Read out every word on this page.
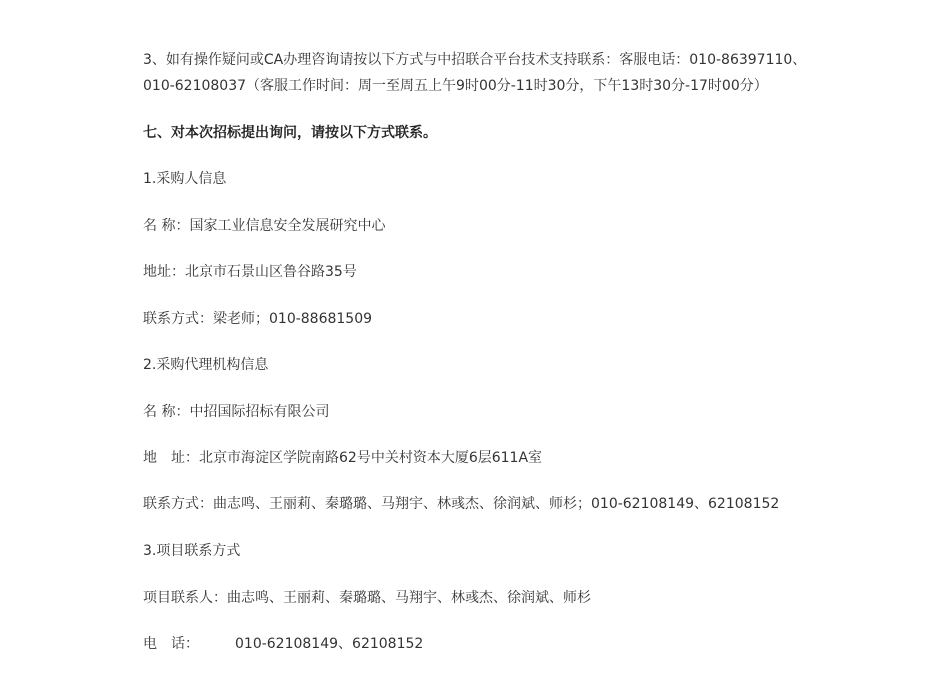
3、如有操作疑问或CA办理咨询请按以下方式与中招联合平台技术支持联系：客服电话：010-86397110、

010-62108037（客服工作时间：周一至周五上午9时00分-11时30分，下午13时30分-17时00分）

七、对本次招标提出询问，请按以下方式联系。

1.采购人信息

名 称：国家工业信息安全发展研究中心

地址：北京市石景山区鲁谷路35号

联系方式：梁老师；010-88681509

2.采购代理机构信息

名 称：中招国际招标有限公司

地　址：北京市海淀区学院南路62号中关村资本大厦6层611A室

联系方式：曲志鸣、王丽莉、秦璐璐、马翔宇、林彧杰、徐润斌、师杉；010-62108149、62108152

3.项目联系方式

项目联系人：曲志鸣、王丽莉、秦璐璐、马翔宇、林彧杰、徐润斌、师杉

电　话：	010-62108149、62108152
